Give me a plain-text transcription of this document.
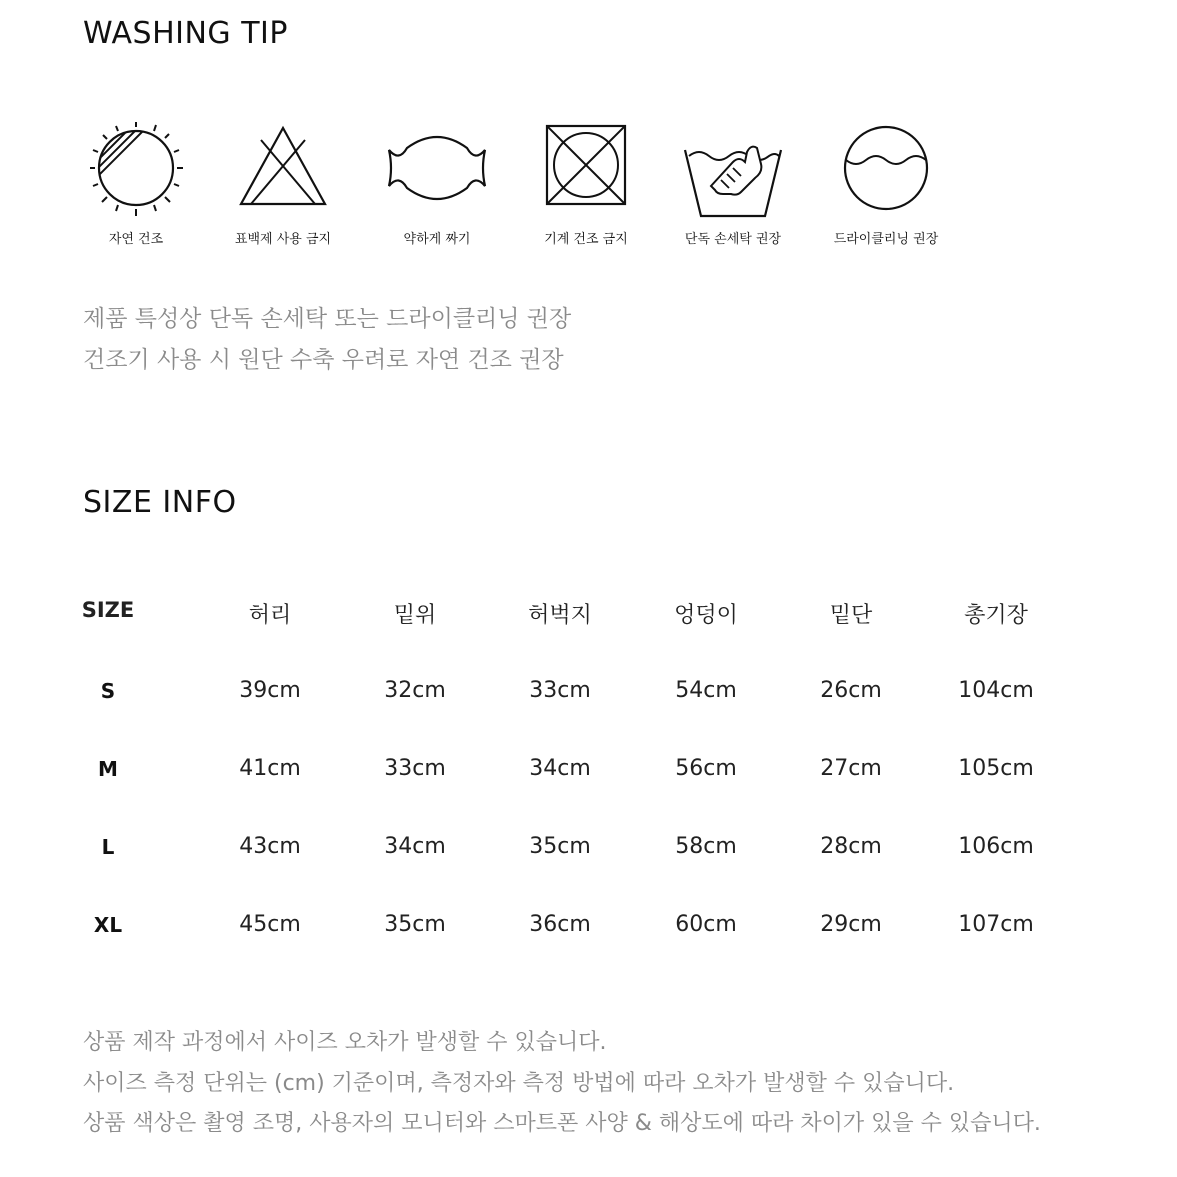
WASHING TIP
자연 건조	표백제 사용 금지	약하게 짜기	기계 건조 금지	단독 손세탁 권장	드라이클리닝 권장

제품 특성상 단독 손세탁 또는 드라이클리닝 권장

건조기 사용 시 원단 수축 우려로 자연 건조 권장

SIZE INFO
SIZE	허리	밑위	허벅지	엉덩이	밑단	총기장
S	39cm	32cm	33cm	54cm	26cm	104cm
M	41cm	33cm	34cm	56cm	27cm	105cm
L	43cm	34cm	35cm	58cm	28cm	106cm
XL	45cm	35cm	36cm	60cm	29cm	107cm

상품 제작 과정에서 사이즈 오차가 발생할 수 있습니다.

사이즈 측정 단위는 (cm) 기준이며, 측정자와 측정 방법에 따라 오차가 발생할 수 있습니다.

상품 색상은 촬영 조명, 사용자의 모니터와 스마트폰 사양 & 해상도에 따라 차이가 있을 수 있습니다.
